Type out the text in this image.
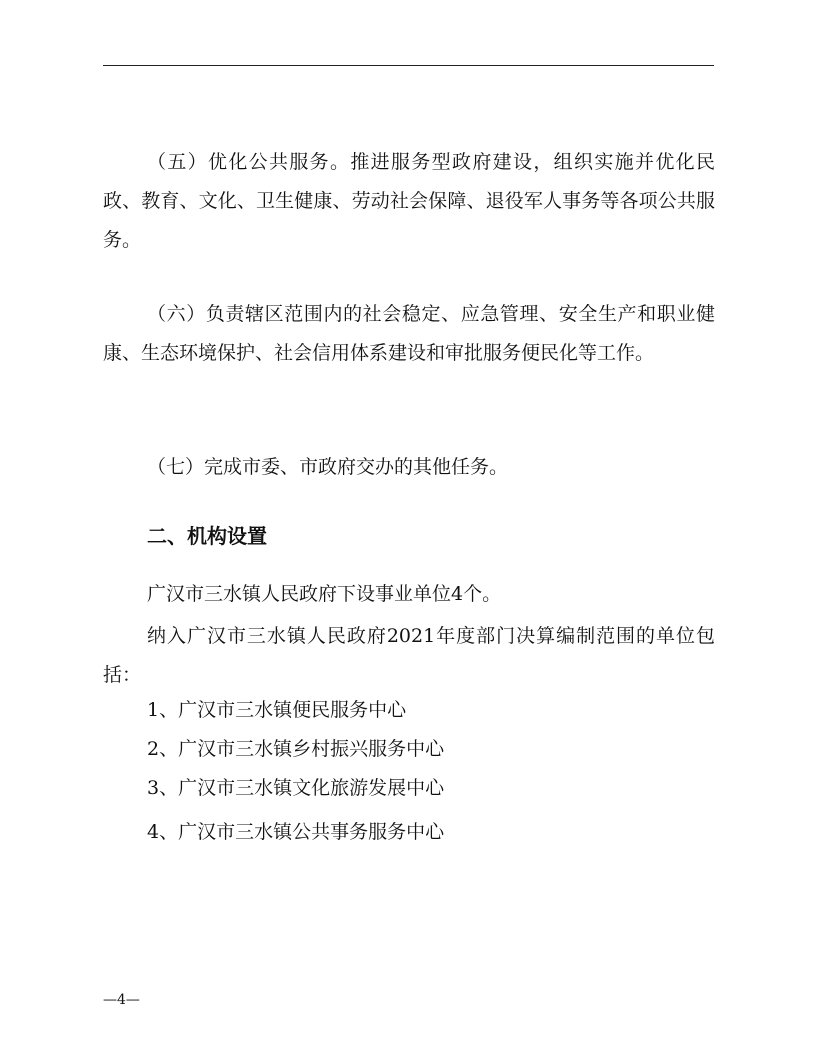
（五）优化公共服务。推进服务型政府建设，组织实施并优化民政、教育、文化、卫生健康、劳动社会保障、退役军人事务等各项公共服务。

（六）负责辖区范围内的社会稳定、应急管理、安全生产和职业健康、生态环境保护、社会信用体系建设和审批服务便民化等工作。

（七）完成市委、市政府交办的其他任务。

二、机构设置

广汉市三水镇人民政府下设事业单位4个。

纳入广汉市三水镇人民政府2021年度部门决算编制范围的单位包括：

1、广汉市三水镇便民服务中心

2、广汉市三水镇乡村振兴服务中心

3、广汉市三水镇文化旅游发展中心

4、广汉市三水镇公共事务服务中心

—4—
